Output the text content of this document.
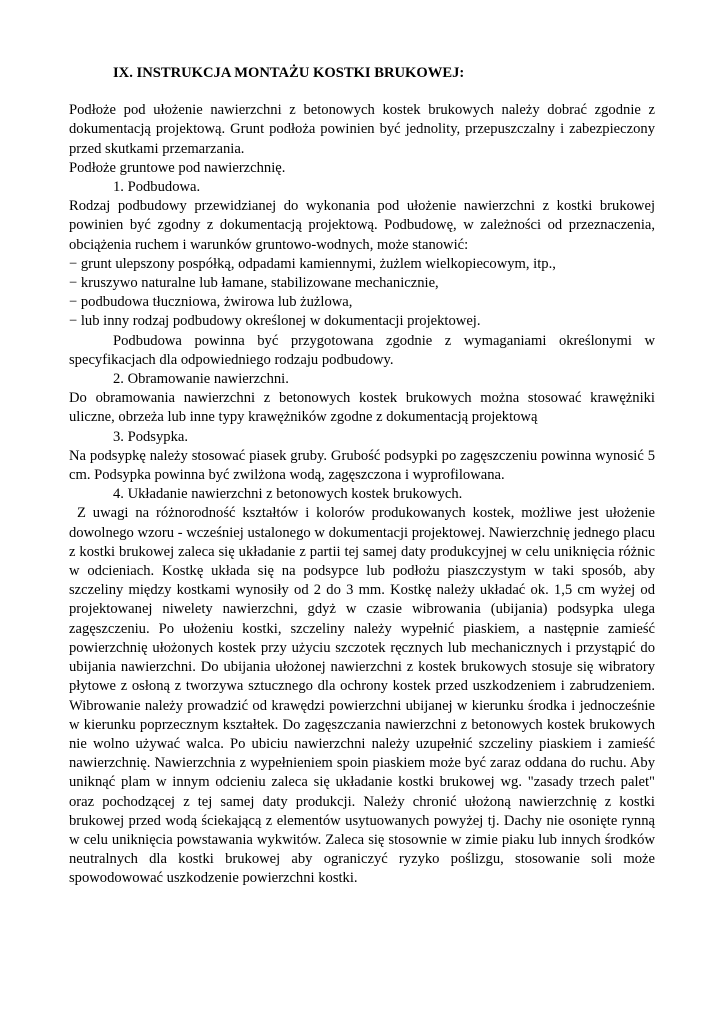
IX. INSTRUKCJA MONTAŻU KOSTKI BRUKOWEJ:

Podłoże pod ułożenie nawierzchni z betonowych kostek brukowych należy dobrać zgodnie z dokumentacją projektową. Grunt podłoża powinien być jednolity, przepuszczalny i zabezpieczony przed skutkami przemarzania.

Podłoże gruntowe pod nawierzchnię.

1. Podbudowa.

Rodzaj podbudowy przewidzianej do wykonania pod ułożenie nawierzchni z kostki brukowej powinien być zgodny z dokumentacją projektową. Podbudowę, w zależności od przeznaczenia, obciążenia ruchem i warunków gruntowo-wodnych, może stanowić:

− grunt ulepszony pospółką, odpadami kamiennymi, żużlem wielkopiecowym, itp.,

− kruszywo naturalne lub łamane, stabilizowane mechanicznie,

− podbudowa tłuczniowa, żwirowa lub żużlowa,

− lub inny rodzaj podbudowy określonej w dokumentacji projektowej.

Podbudowa powinna być przygotowana zgodnie z wymaganiami określonymi w specyfikacjach dla odpowiedniego rodzaju podbudowy.

2. Obramowanie nawierzchni.

Do obramowania nawierzchni z betonowych kostek brukowych można stosować krawężniki uliczne, obrzeża lub inne typy krawężników zgodne z dokumentacją projektową

3. Podsypka.

Na podsypkę należy stosować piasek gruby. Grubość podsypki po zagęszczeniu powinna wynosić 5 cm. Podsypka powinna być zwilżona wodą, zagęszczona i wyprofilowana.

4. Układanie nawierzchni z betonowych kostek brukowych.

Z uwagi na różnorodność kształtów i kolorów produkowanych kostek, możliwe jest ułożenie dowolnego wzoru - wcześniej ustalonego w dokumentacji projektowej. Nawierzchnię jednego placu z kostki brukowej zaleca się układanie z partii tej samej daty produkcyjnej w celu uniknięcia różnic w odcieniach. Kostkę układa się na podsypce lub podłożu piaszczystym w taki sposób, aby szczeliny między kostkami wynosiły od 2 do 3 mm. Kostkę należy układać ok. 1,5 cm wyżej od projektowanej niwelety nawierzchni, gdyż w czasie wibrowania (ubijania) podsypka ulega zagęszczeniu. Po ułożeniu kostki, szczeliny należy wypełnić piaskiem, a następnie zamieść powierzchnię ułożonych kostek przy użyciu szczotek ręcznych lub mechanicznych i przystąpić do ubijania nawierzchni. Do ubijania ułożonej nawierzchni z kostek brukowych stosuje się wibratory płytowe z osłoną z tworzywa sztucznego dla ochrony kostek przed uszkodzeniem i zabrudzeniem. Wibrowanie należy prowadzić od krawędzi powierzchni ubijanej w kierunku środka i jednocześnie w kierunku poprzecznym kształtek. Do zagęszczania nawierzchni z betonowych kostek brukowych nie wolno używać walca. Po ubiciu nawierzchni należy uzupełnić szczeliny piaskiem i zamieść nawierzchnię. Nawierzchnia z wypełnieniem spoin piaskiem może być zaraz oddana do ruchu. Aby uniknąć plam w innym odcieniu zaleca się układanie kostki brukowej wg. "zasady trzech palet" oraz pochodzącej z tej samej daty produkcji. Należy chronić ułożoną nawierzchnię z kostki brukowej przed wodą ściekającą z elementów usytuowanych powyżej tj. Dachy nie osonięte rynną w celu uniknięcia powstawania wykwitów. Zaleca się stosownie w zimie piaku lub innych środków neutralnych dla kostki brukowej aby ograniczyć ryzyko poślizgu, stosowanie soli może spowodowować uszkodzenie powierzchni kostki.
